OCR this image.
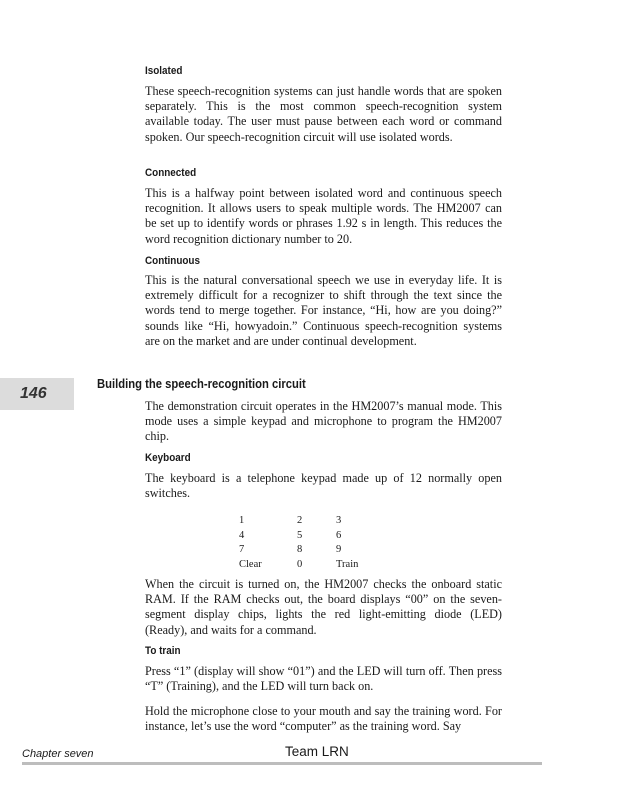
Isolated

These speech-recognition systems can just handle words that are spoken separately. This is the most common speech-recognition system available today. The user must pause between each word or command spoken. Our speech-recognition circuit will use isolated words.

Connected

This is a halfway point between isolated word and continuous speech recognition. It allows users to speak multiple words. The HM2007 can be set up to identify words or phrases 1.92 s in length. This reduces the word recognition dictionary number to 20.

Continuous

This is the natural conversational speech we use in everyday life. It is extremely difficult for a recognizer to shift through the text since the words tend to merge together. For instance, “Hi, how are you doing?” sounds like “Hi, howyadoin.” Continuous speech-recognition systems are on the market and are under continual development.

146
Building the speech-recognition circuit

The demonstration circuit operates in the HM2007’s manual mode. This mode uses a simple keypad and microphone to program the HM2007 chip.

Keyboard

The keyboard is a telephone keypad made up of 12 normally open switches.

1	2	3
4	5	6
7	8	9
Clear	0	Train

When the circuit is turned on, the HM2007 checks the onboard static RAM. If the RAM checks out, the board displays “00” on the seven-segment display chips, lights the red light-emitting diode (LED) (Ready), and waits for a command.

To train

Press “1” (display will show “01”) and the LED will turn off. Then press “T” (Training), and the LED will turn back on.

Hold the microphone close to your mouth and say the training word. For instance, let’s use the word “computer” as the training word. Say

Chapter seven	Team LRN
